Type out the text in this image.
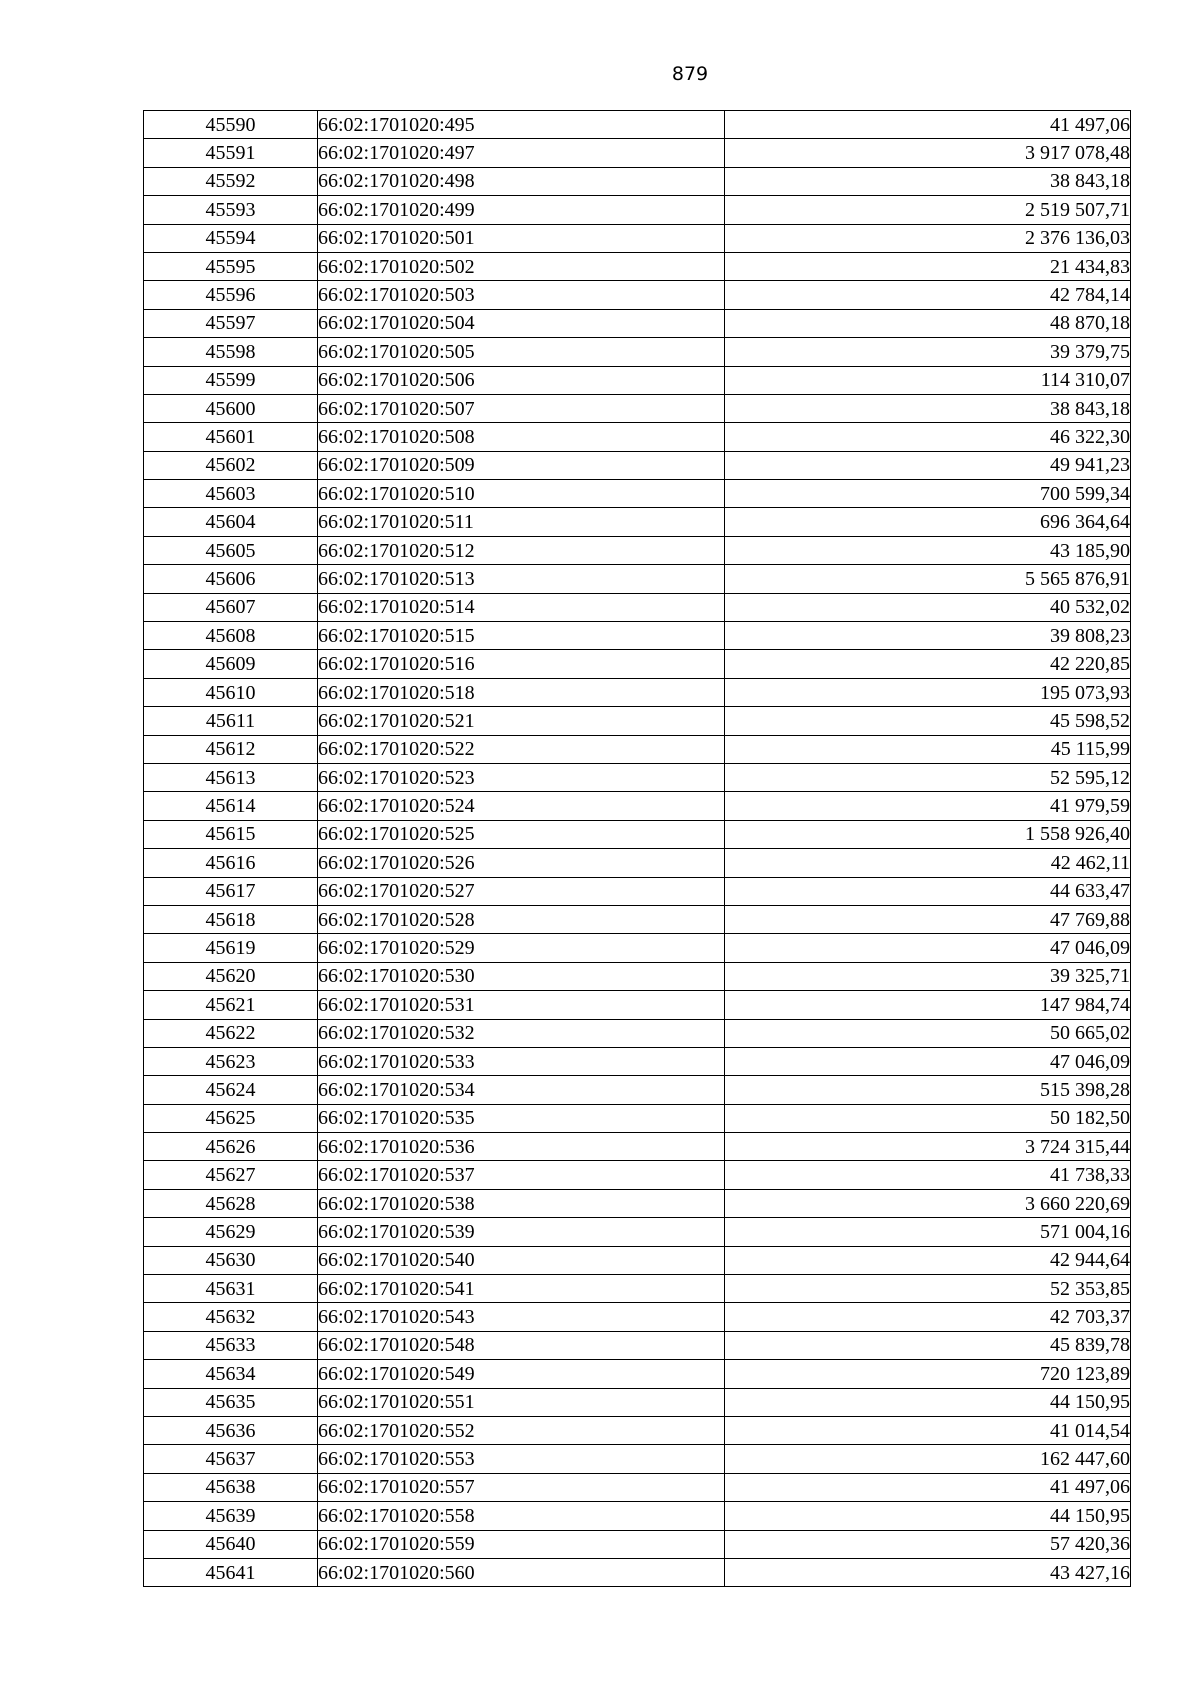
879
45590	66:02:1701020:495	41 497,06
45591	66:02:1701020:497	3 917 078,48
45592	66:02:1701020:498	38 843,18
45593	66:02:1701020:499	2 519 507,71
45594	66:02:1701020:501	2 376 136,03
45595	66:02:1701020:502	21 434,83
45596	66:02:1701020:503	42 784,14
45597	66:02:1701020:504	48 870,18
45598	66:02:1701020:505	39 379,75
45599	66:02:1701020:506	114 310,07
45600	66:02:1701020:507	38 843,18
45601	66:02:1701020:508	46 322,30
45602	66:02:1701020:509	49 941,23
45603	66:02:1701020:510	700 599,34
45604	66:02:1701020:511	696 364,64
45605	66:02:1701020:512	43 185,90
45606	66:02:1701020:513	5 565 876,91
45607	66:02:1701020:514	40 532,02
45608	66:02:1701020:515	39 808,23
45609	66:02:1701020:516	42 220,85
45610	66:02:1701020:518	195 073,93
45611	66:02:1701020:521	45 598,52
45612	66:02:1701020:522	45 115,99
45613	66:02:1701020:523	52 595,12
45614	66:02:1701020:524	41 979,59
45615	66:02:1701020:525	1 558 926,40
45616	66:02:1701020:526	42 462,11
45617	66:02:1701020:527	44 633,47
45618	66:02:1701020:528	47 769,88
45619	66:02:1701020:529	47 046,09
45620	66:02:1701020:530	39 325,71
45621	66:02:1701020:531	147 984,74
45622	66:02:1701020:532	50 665,02
45623	66:02:1701020:533	47 046,09
45624	66:02:1701020:534	515 398,28
45625	66:02:1701020:535	50 182,50
45626	66:02:1701020:536	3 724 315,44
45627	66:02:1701020:537	41 738,33
45628	66:02:1701020:538	3 660 220,69
45629	66:02:1701020:539	571 004,16
45630	66:02:1701020:540	42 944,64
45631	66:02:1701020:541	52 353,85
45632	66:02:1701020:543	42 703,37
45633	66:02:1701020:548	45 839,78
45634	66:02:1701020:549	720 123,89
45635	66:02:1701020:551	44 150,95
45636	66:02:1701020:552	41 014,54
45637	66:02:1701020:553	162 447,60
45638	66:02:1701020:557	41 497,06
45639	66:02:1701020:558	44 150,95
45640	66:02:1701020:559	57 420,36
45641	66:02:1701020:560	43 427,16
